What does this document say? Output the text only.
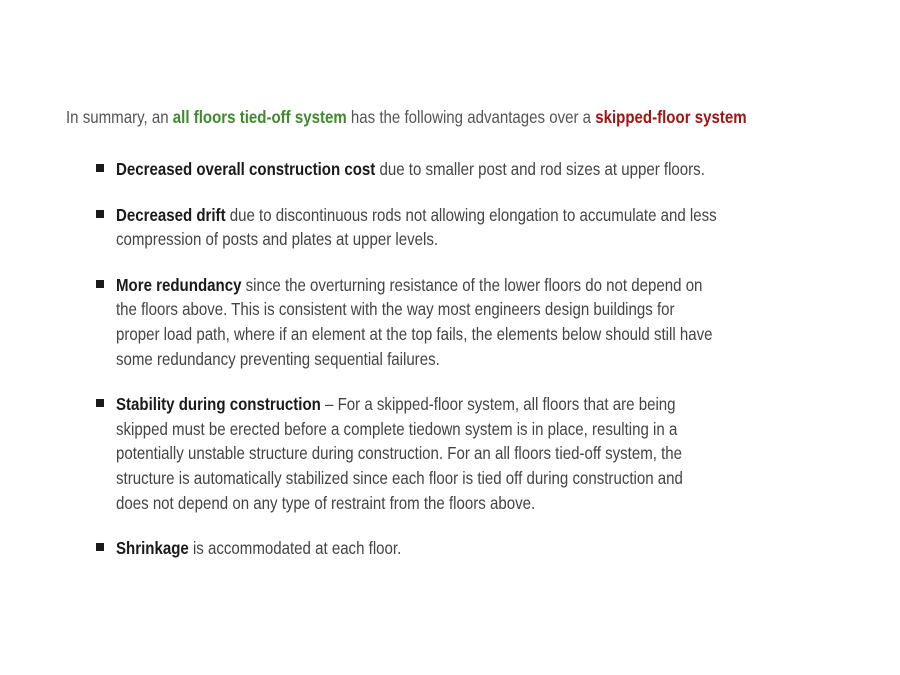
In summary, an all floors tied-off system has the following advantages over a skipped-floor system
Decreased overall construction cost due to smaller post and rod sizes at upper floors.
Decreased drift due to discontinuous rods not allowing elongation to accumulate and less
compression of posts and plates at upper levels.
More redundancy since the overturning resistance of the lower floors do not depend on
the floors above. This is consistent with the way most engineers design buildings for
proper load path, where if an element at the top fails, the elements below should still have
some redundancy preventing sequential failures.
Stability during construction – For a skipped-floor system, all floors that are being
skipped must be erected before a complete tiedown system is in place, resulting in a
potentially unstable structure during construction. For an all floors tied-off system, the
structure is automatically stabilized since each floor is tied off during construction and
does not depend on any type of restraint from the floors above.
Shrinkage is accommodated at each floor.
